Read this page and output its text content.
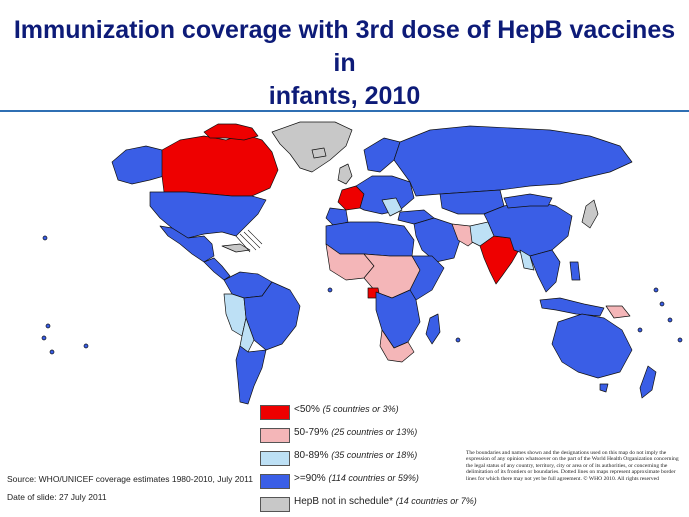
Immunization coverage with 3rd dose of HepB vaccines in
infants, 2010
<50% (5 countries or 3%)
50-79% (25 countries or 13%)
80-89% (35 countries or 18%)
>=90% (114 countries or 59%)
HepB not in schedule* (14 countries or 7%)
The boundaries and names shown and the designations used on this map do not imply the expression of any opinion whatsoever on the part of the World Health Organization concerning the legal status of any country, territory, city or area or of its authorities, or concerning the delimitation of its frontiers or boundaries. Dotted lines on maps represent approximate border lines for which there may not yet be full agreement. © WHO 2010. All rights reserved
Source: WHO/UNICEF coverage estimates 1980-2010, July 2011
Date of slide: 27 July 2011
